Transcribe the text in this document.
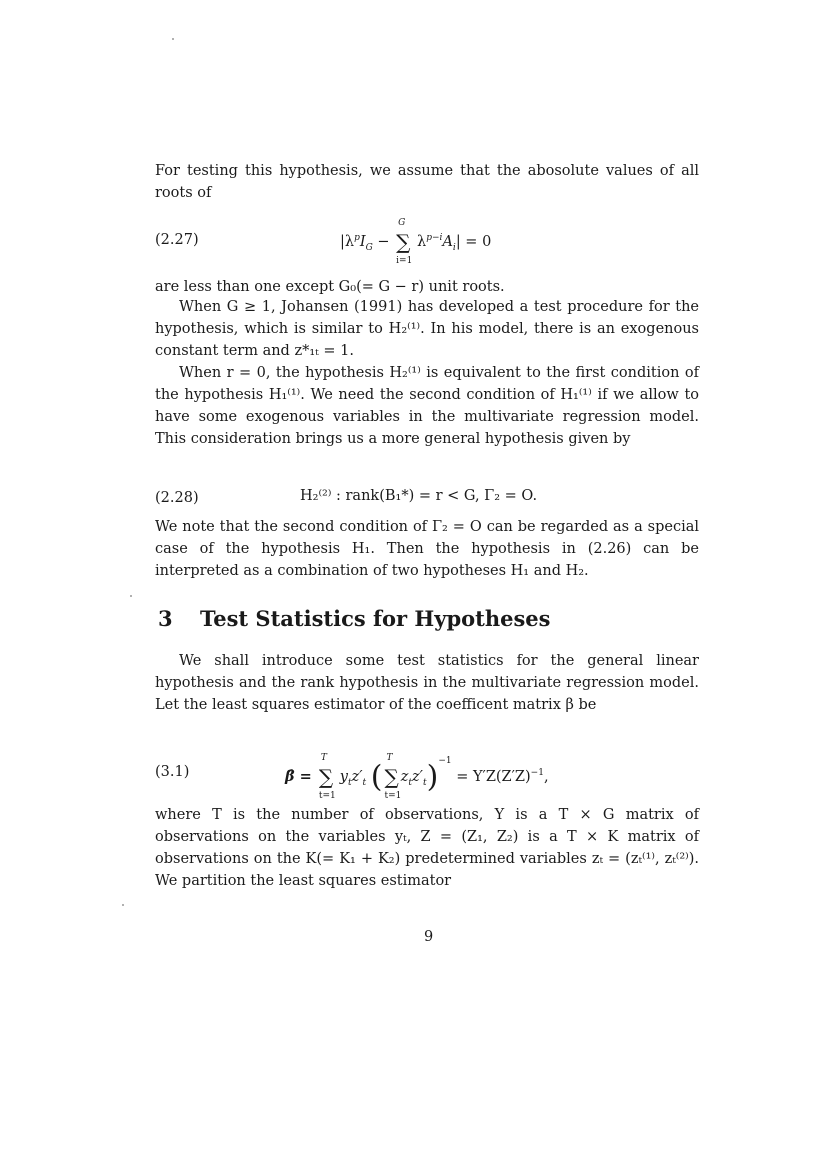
For testing this hypothesis, we assume that the abosolute values of all roots of
(2.27)	$|\lambda^pI_G$ − ∑
G
i=1
$\lambda^{p-i}A_i| = 0$
are less than one except G₀(= G − r) unit roots.
When G ≥ 1, Johansen (1991) has developed a test procedure for the hypothesis, which is similar to H₂⁽¹⁾. In his model, there is an exogenous constant term and z*₁ₜ = 1.
When r = 0, the hypothesis H₂⁽¹⁾ is equivalent to the first condition of the hypothesis H₁⁽¹⁾. We need the second condition of H₁⁽¹⁾ if we allow to have some exogenous variables in the multivariate regression model. This consideration brings us a more general hypothesis given by
(2.28)	H₂⁽²⁾ : rank(B₁*) = r < G, Γ₂ = O.
We note that the second condition of Γ₂ = O can be regarded as a special case of the hypothesis H₁. Then the hypothesis in (2.26) can be interpreted as a combination of two hypotheses H₁ and H₂.
3 Test Statistics for Hypotheses
We shall introduce some test statistics for the general linear hypothesis and the rank hypothesis in the multivariate regression model. Let the least squares estimator of the coefficent matrix β be
(3.1)	β̂ = ∑
T
t=1
$y_tz'_t$ ( ∑
T
t=1
$z_tz'_t)^{-1} = Y'Z(Z'Z)^{-1}$,
where T is the number of observations, Y is a T × G matrix of observations on the variables yₜ, Z = (Z₁, Z₂) is a T × K matrix of observations on the K(= K₁ + K₂) predetermined variables zₜ = (zₜ⁽¹⁾, zₜ⁽²⁾). We partition the least squares estimator
9
